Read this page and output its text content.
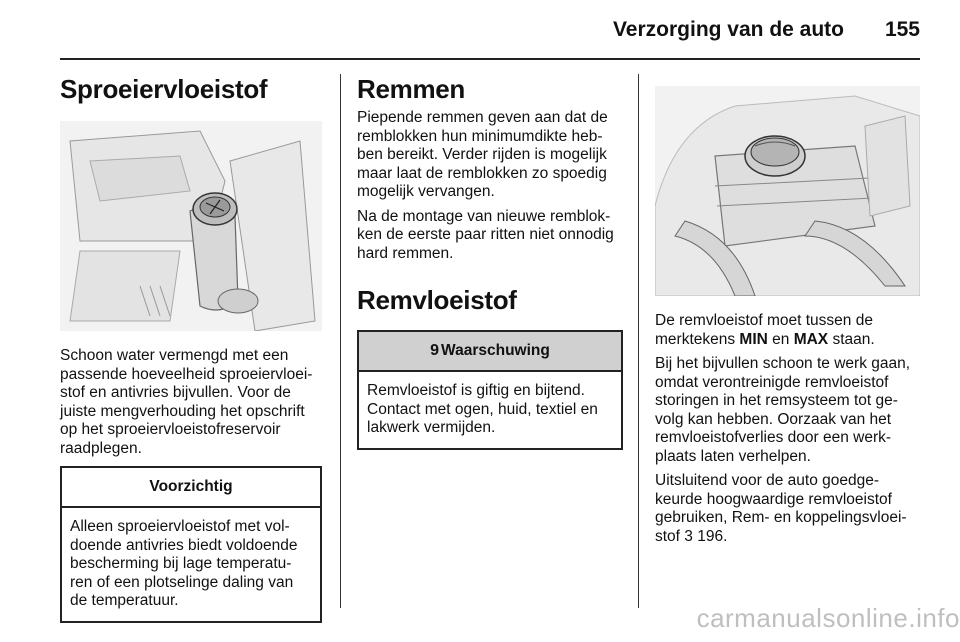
Verzorging van de auto 155
Sproeiervloeistof

Schoon water vermengd met een passende hoeveelheid sproeiervloei-stof en antivries bijvullen. Voor de juiste mengverhouding het opschrift op het sproeiervloeistofreservoir raadplegen.

Voorzichtig
Alleen sproeiervloeistof met vol-doende antivries biedt voldoende bescherming bij lage temperatu-ren of een plotselinge daling van de temperatuur.
Remmen

Piepende remmen geven aan dat de remblokken hun minimumdikte heb-ben bereikt. Verder rijden is mogelijk maar laat de remblokken zo spoedig mogelijk vervangen.

Na de montage van nieuwe remblok-ken de eerste paar ritten niet onnodig hard remmen.

Remvloeistof
9 Waarschuwing
Remvloeistof is giftig en bijtend. Contact met ogen, huid, textiel en lakwerk vermijden.

De remvloeistof moet tussen de merktekens MIN en MAX staan.

Bij het bijvullen schoon te werk gaan, omdat verontreinigde remvloeistof storingen in het remsysteem tot ge-volg kan hebben. Oorzaak van het remvloeistofverlies door een werk-plaats laten verhelpen.

Uitsluitend voor de auto goedge-keurde hoogwaardige remvloeistof gebruiken, Rem- en koppelingsvloei-stof 3 196.

carmanualsonline.info
